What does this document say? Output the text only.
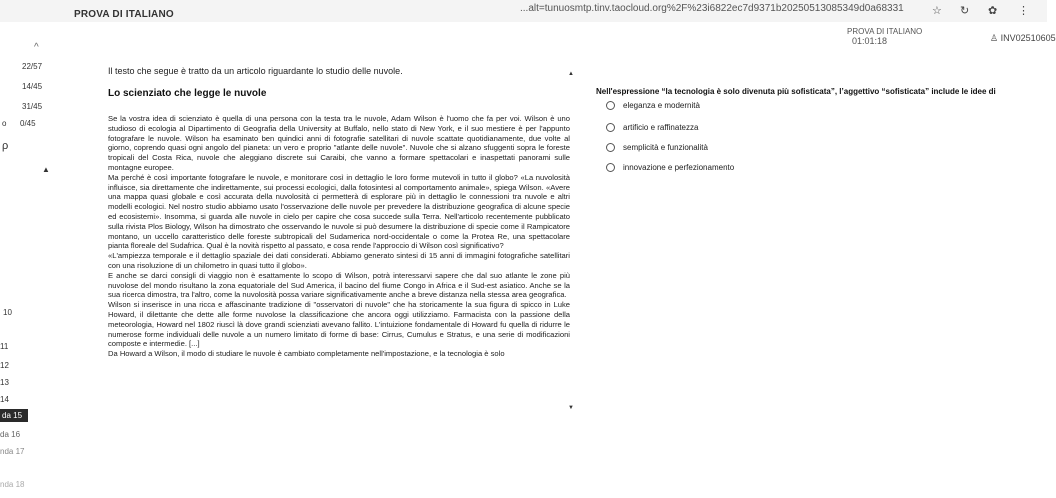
...alt=tunuosmtp.tinv.taocloud.org%2F%23i6822ec7d9371b20250513085349d0a68331	☆ ↻ ✿ ⋮
PROVA DI ITALIANO
PROVA DI ITALIANO
01:01:18	♙ INV02510605
^
22/57
14/45
31/45
0/45
o
ρ
▲
10
11
12
13
14
da 15
da 16
nda 17
nda 18
Il testo che segue è tratto da un articolo riguardante lo studio delle nuvole.
Lo scienziato che legge le nuvole

Se la vostra idea di scienziato è quella di una persona con la testa tra le nuvole, Adam Wilson è l'uomo che fa per voi. Wilson è uno studioso di ecologia al Dipartimento di Geografia della University at Buffalo, nello stato di New York, e il suo mestiere è per l'appunto fotografare le nuvole. Wilson ha esaminato ben quindici anni di fotografie satellitari di nuvole scattate quotidianamente, due volte al giorno, coprendo quasi ogni angolo del pianeta: un vero e proprio "atlante delle nuvole". Nuvole che si alzano sfuggenti sopra le foreste tropicali del Costa Rica, nuvole che aleggiano discrete sui Caraibi, che vanno a formare spettacolari e inaspettati panorami sulle montagne europee.

Ma perché è così importante fotografare le nuvole, e monitorare così in dettaglio le loro forme mutevoli in tutto il globo? «La nuvolosità influisce, sia direttamente che indirettamente, sui processi ecologici, dalla fotosintesi al comportamento animale», spiega Wilson. «Avere una mappa quasi globale e così accurata della nuvolosità ci permetterà di esplorare più in dettaglio le connessioni tra nuvole e altri modelli ecologici. Nel nostro studio abbiamo usato l'osservazione delle nuvole per prevedere la distribuzione geografica di alcune specie ed ecosistemi». Insomma, si guarda alle nuvole in cielo per capire che cosa succede sulla Terra. Nell'articolo recentemente pubblicato sulla rivista Plos Biology, Wilson ha dimostrato che osservando le nuvole si può desumere la distribuzione di specie come il Rampicatore montano, un uccello caratteristico delle foreste subtropicali del Sudamerica nord-occidentale o come la Protea Re, una spettacolare pianta floreale del Sudafrica. Qual è la novità rispetto al passato, e cosa rende l'approccio di Wilson così significativo?

«L'ampiezza temporale e il dettaglio spaziale dei dati considerati. Abbiamo generato sintesi di 15 anni di immagini fotografiche satellitari con una risoluzione di un chilometro in quasi tutto il globo».

E anche se darci consigli di viaggio non è esattamente lo scopo di Wilson, potrà interessarvi sapere che dal suo atlante le zone più nuvolose del mondo risultano la zona equatoriale del Sud America, il bacino del fiume Congo in Africa e il Sud-est asiatico. Anche se la sua ricerca dimostra, tra l'altro, come la nuvolosità possa variare significativamente anche a breve distanza nella stessa area geografica.

Wilson si inserisce in una ricca e affascinante tradizione di "osservatori di nuvole" che ha storicamente la sua figura di spicco in Luke Howard, il dilettante che dette alle forme nuvolose la classificazione che ancora oggi utilizziamo. Farmacista con la passione della meteorologia, Howard nel 1802 riuscì là dove grandi scienziati avevano fallito. L'intuizione fondamentale di Howard fu quella di ridurre le numerose forme individuali delle nuvole a un numero limitato di forme di base: Cirrus, Cumulus e Stratus, e una serie di modificazioni composte e intermedie. [...]

Da Howard a Wilson, il modo di studiare le nuvole è cambiato completamente nell'impostazione, e la tecnologia è solo

▲
▼
Nell'espressione “la tecnologia è solo divenuta più sofisticata”, l’aggettivo “sofisticata” include le idee di
eleganza e modernità
artificio e raffinatezza
semplicità e funzionalità
innovazione e perfezionamento
